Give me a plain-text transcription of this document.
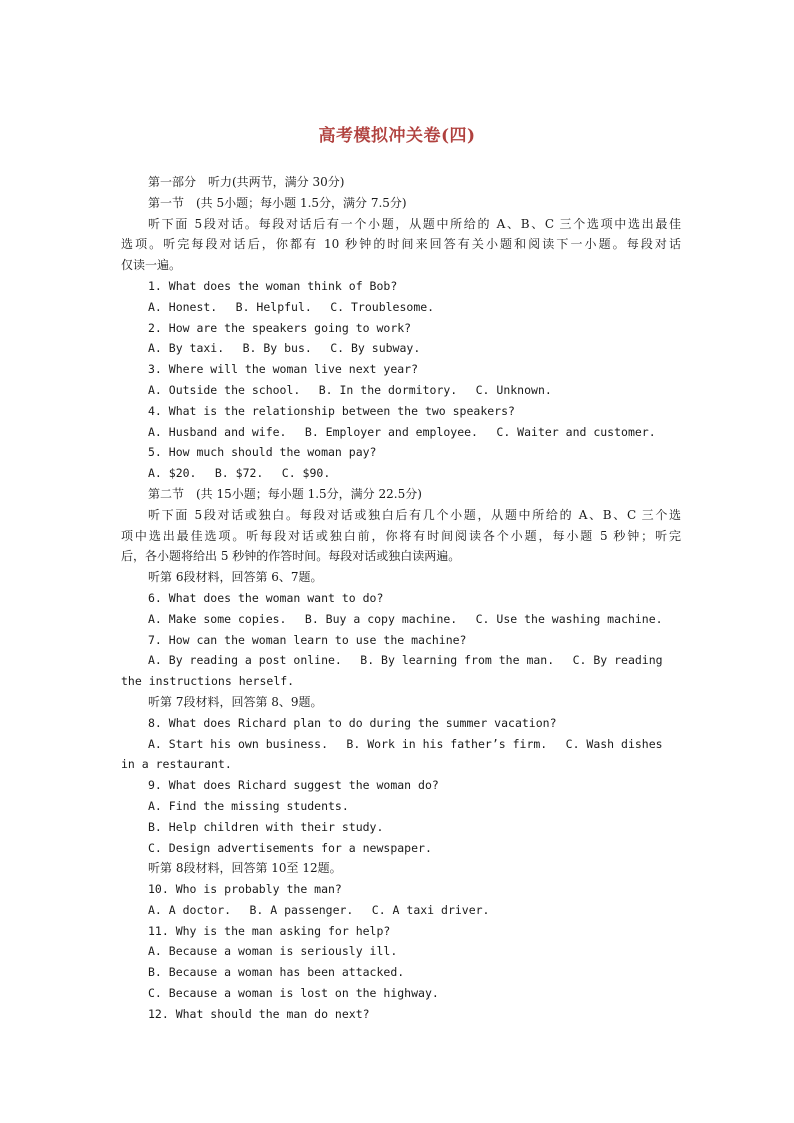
高考模拟冲关卷(四)

第一部分　听力(共两节，满分 30分)

第一节　(共 5小题；每小题 1.5分，满分 7.5分)

听下面 5段对话。每段对话后有一个小题，从题中所给的 A、B、C 三个选项中选出最佳

选项。听完每段对话后，你都有 10 秒钟的时间来回答有关小题和阅读下一小题。每段对话

仅读一遍。

1. What does the woman think of Bob?

A. Honest.　 B. Helpful.　 C. Troublesome.

2. How are the speakers going to work?

A. By taxi.　 B. By bus.　 C. By subway.

3. Where will the woman live next year?

A. Outside the school.　 B. In the dormitory.　 C. Unknown.

4. What is the relationship between the two speakers?

A. Husband and wife.　 B. Employer and employee.　 C. Waiter and customer.

5. How much should the woman pay?

A. $20.　 B. $72.　 C. $90.

第二节　(共 15小题；每小题 1.5分，满分 22.5分)

听下面 5段对话或独白。每段对话或独白后有几个小题，从题中所给的 A、B、C 三个选

项中选出最佳选项。听每段对话或独白前，你将有时间阅读各个小题，每小题 5 秒钟；听完

后，各小题将给出 5 秒钟的作答时间。每段对话或独白读两遍。

听第 6段材料，回答第 6、7题。

6. What does the woman want to do?

A. Make some copies.　 B. Buy a copy machine.　 C. Use the washing machine.

7. How can the woman learn to use the machine?

A. By reading a post online.　 B. By learning from the man.　 C. By reading

the instructions herself.

听第 7段材料，回答第 8、9题。

8. What does Richard plan to do during the summer vacation?

A. Start his own business.　 B. Work in his father’s firm.　 C. Wash dishes

in a restaurant.

9. What does Richard suggest the woman do?

A. Find the missing students.

B. Help children with their study.

C. Design advertisements for a newspaper.

听第 8段材料，回答第 10至 12题。

10. Who is probably the man?

A. A doctor.　 B. A passenger.　 C. A taxi driver.

11. Why is the man asking for help?

A. Because a woman is seriously ill.

B. Because a woman has been attacked.

C. Because a woman is lost on the highway.

12. What should the man do next?
